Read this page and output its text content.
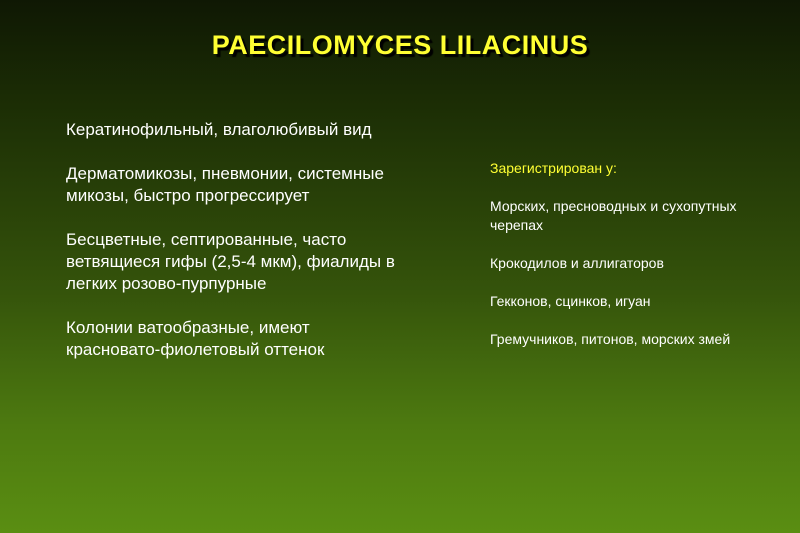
PAECILOMYCES LILACINUS

Кератинофильный, влаголюбивый вид

Дерматомикозы, пневмонии, системные микозы, быстро прогрессирует

Бесцветные, септированные, часто ветвящиеся гифы (2,5-4 мкм), фиалиды в легких розово-пурпурные

Колонии ватообразные, имеют красновато-фиолетовый оттенок

Зарегистрирован у:

Морских, пресноводных и сухопутных черепах

Крокодилов и аллигаторов

Гекконов, сцинков, игуан

Гремучников, питонов, морских змей
